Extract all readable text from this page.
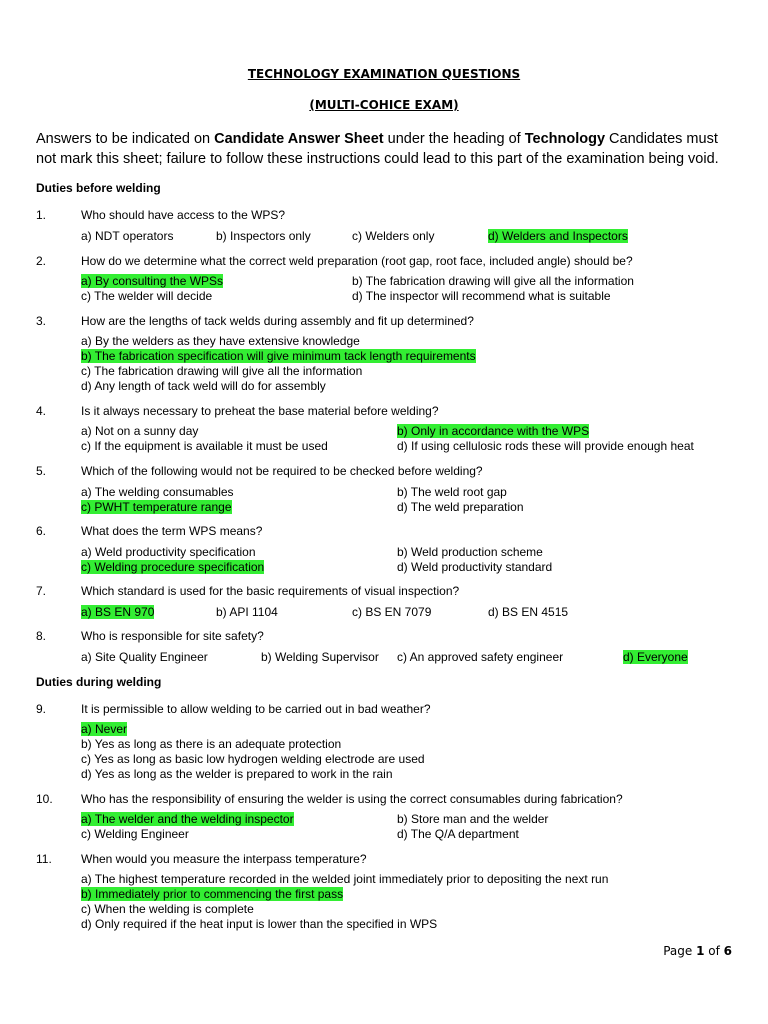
TECHNOLOGY EXAMINATION QUESTIONS
(MULTI-COHICE EXAM)
Answers to be indicated on Candidate Answer Sheet under the heading of Technology Candidates must not mark this sheet; failure to follow these instructions could lead to this part of the examination being void.
Duties before welding
1.	Who should have access to the WPS?
a) NDT operators	b) Inspectors only	c) Welders only	d) Welders and Inspectors
2.	How do we determine what the correct weld preparation (root gap, root face, included angle) should be?
a) By consulting the WPSs	b) The fabrication drawing will give all the information
c) The welder will decide	d) The inspector will recommend what is suitable
3.	How are the lengths of tack welds during assembly and fit up determined?
a) By the welders as they have extensive knowledge
b) The fabrication specification will give minimum tack length requirements
c) The fabrication drawing will give all the information
d) Any length of tack weld will do for assembly
4.	Is it always necessary to preheat the base material before welding?
a) Not on a sunny day	b) Only in accordance with the WPS
c) If the equipment is available it must be used	d) If using cellulosic rods these will provide enough heat
5.	Which of the following would not be required to be checked before welding?
a) The welding consumables	b) The weld root gap
c) PWHT temperature range	d) The weld preparation
6.	What does the term WPS means?
a) Weld productivity specification	b) Weld production scheme
c) Welding procedure specification	d) Weld productivity standard
7.	Which standard is used for the basic requirements of visual inspection?
a) BS EN 970	b) API 1104	c) BS EN 7079	d) BS EN 4515
8.	Who is responsible for site safety?
a) Site Quality Engineer	b) Welding Supervisor c) An approved safety engineer	d) Everyone
Duties during welding
9.	It is permissible to allow welding to be carried out in bad weather?
a) Never
b) Yes as long as there is an adequate protection
c) Yes as long as basic low hydrogen welding electrode are used
d) Yes as long as the welder is prepared to work in the rain
10. Who has the responsibility of ensuring the welder is using the correct consumables during fabrication?
a) The welder and the welding inspector	b) Store man and the welder
c) Welding Engineer	d) The Q/A department
11. When would you measure the interpass temperature?
a) The highest temperature recorded in the welded joint immediately prior to depositing the next run
b) Immediately prior to commencing the first pass
c) When the welding is complete
d) Only required if the heat input is lower than the specified in WPS
Page 1 of 6
